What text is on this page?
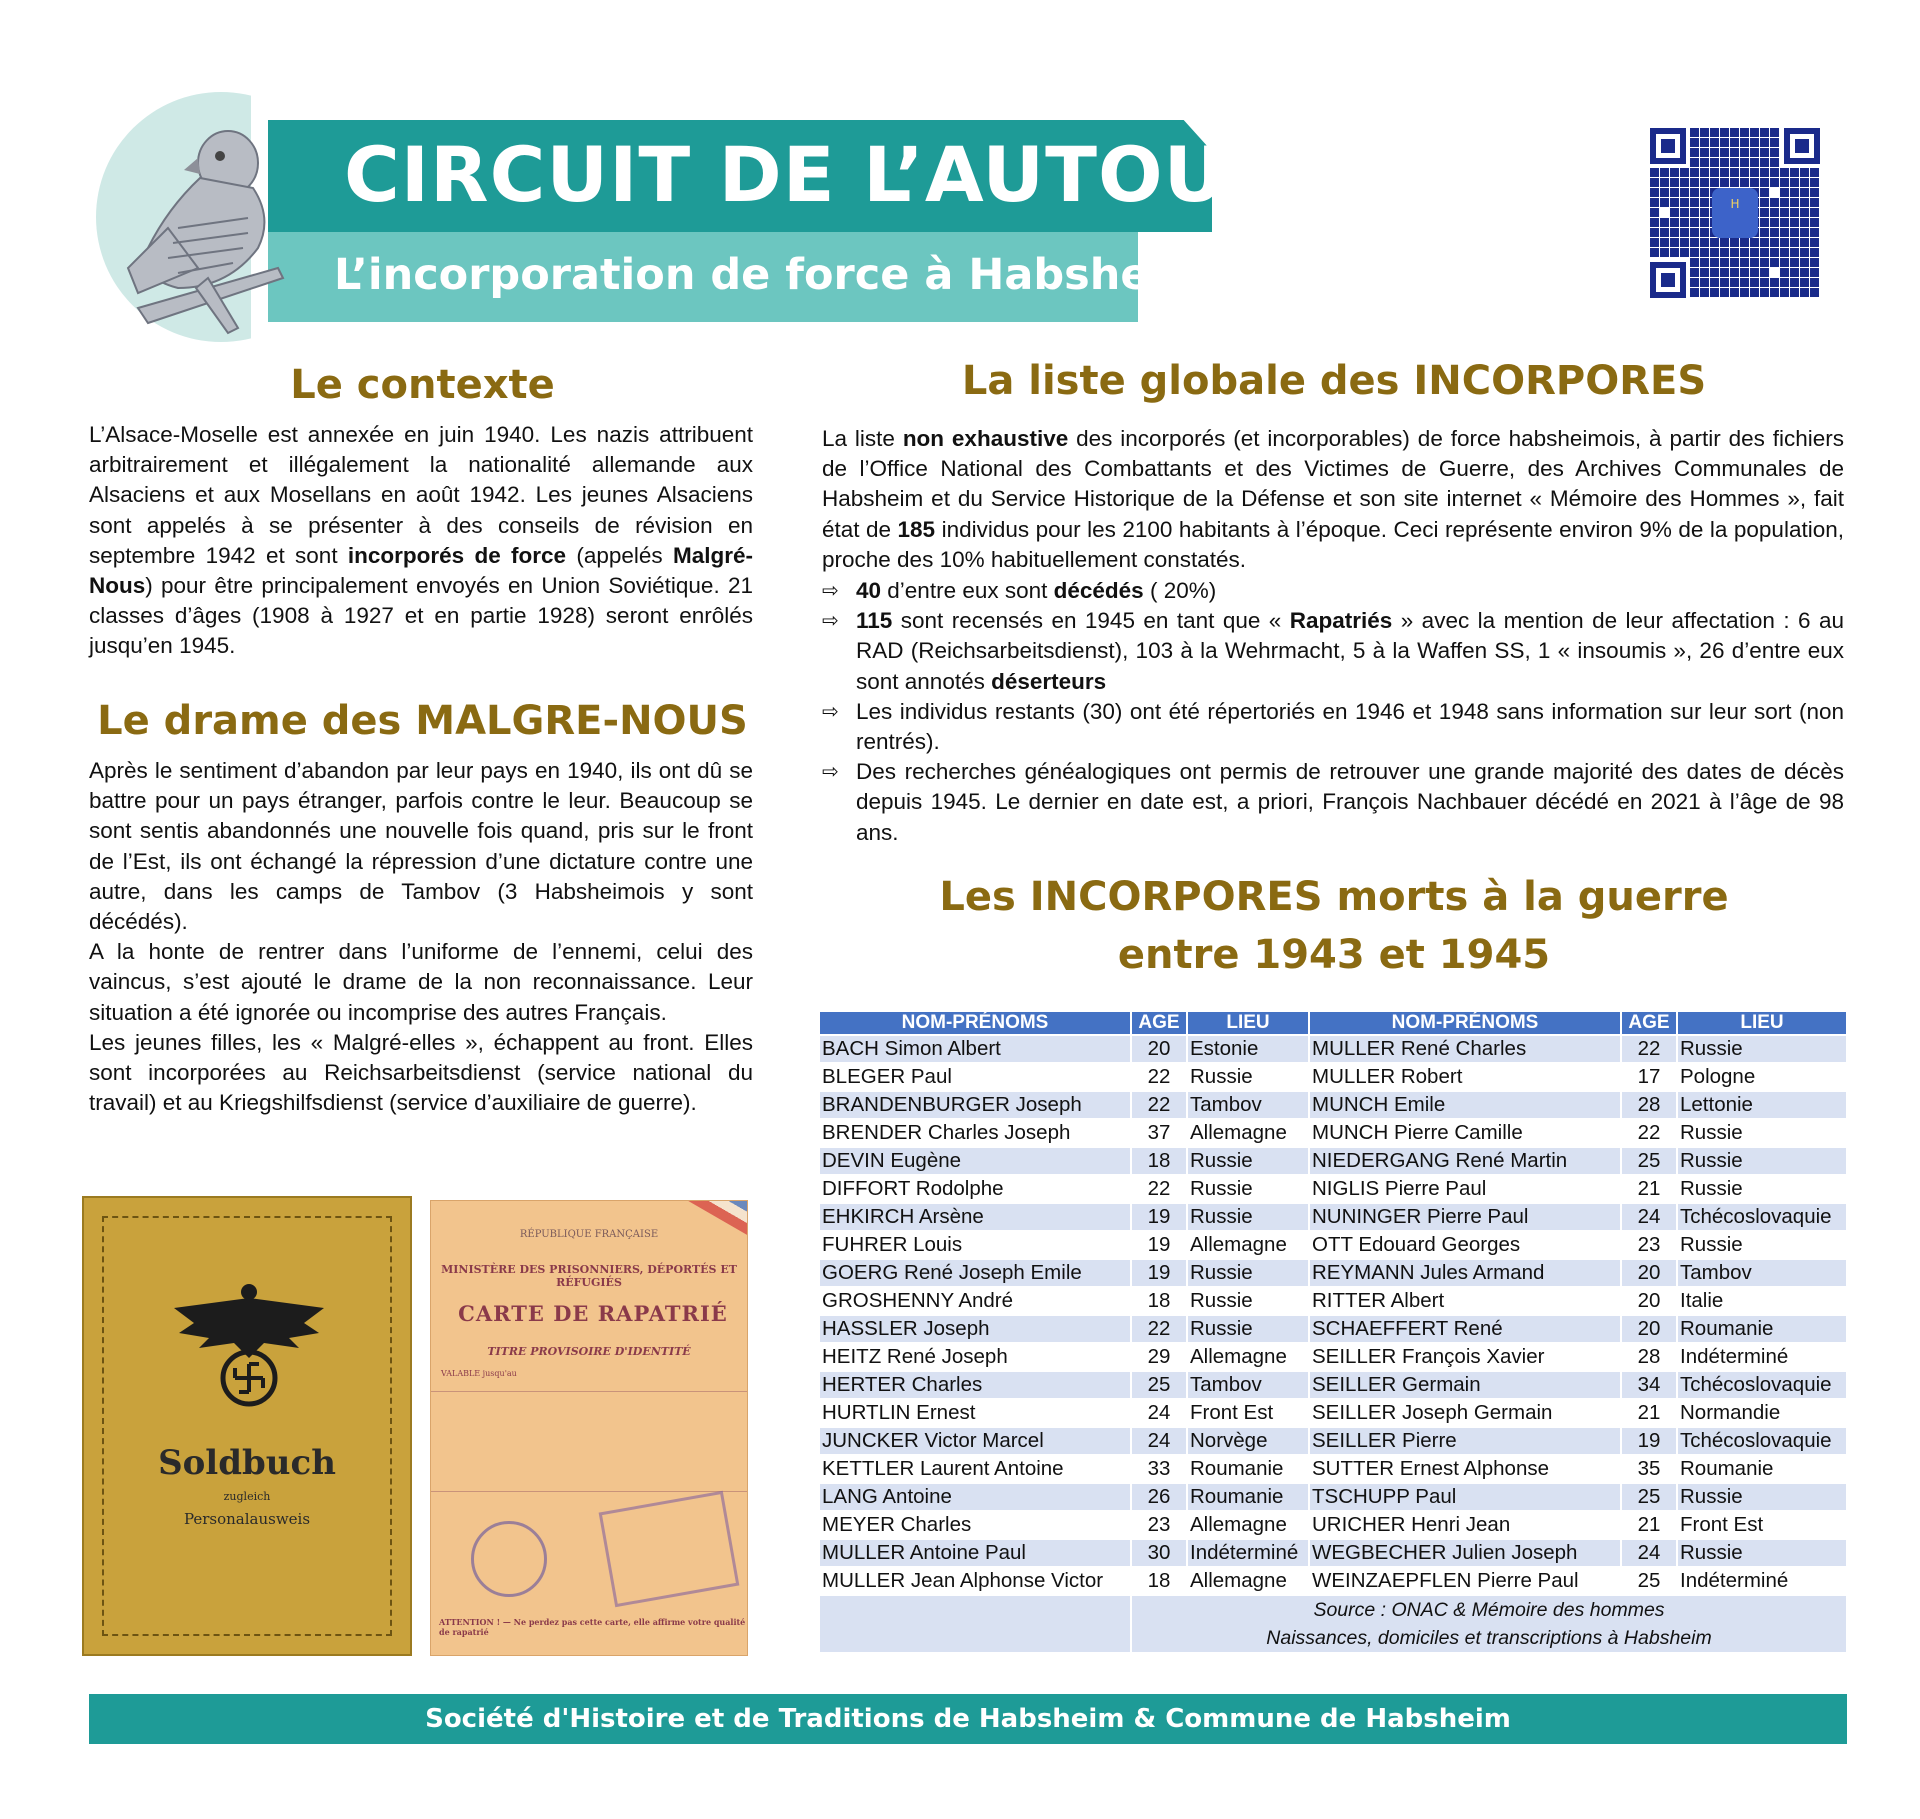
CIRCUIT DE L’AUTOUR
L’incorporation de force à Habsheim
H
Le contexte

L’Alsace-Moselle est annexée en juin 1940. Les nazis attribuent arbitrairement et illégalement la nationalité allemande aux Alsaciens et aux Mosellans en août 1942. Les jeunes Alsaciens sont appelés à se présenter à des conseils de révision en septembre 1942 et sont incorporés de force (appelés Malgré-Nous) pour être principalement envoyés en Union Soviétique. 21 classes d’âges (1908 à 1927 et en partie 1928) seront enrôlés jusqu’en 1945.

Le drame des MALGRE-NOUS

Après le sentiment d’abandon par leur pays en 1940, ils ont dû se battre pour un pays étranger, parfois contre le leur. Beaucoup se sont sentis abandonnés une nouvelle fois quand, pris sur le front de l’Est, ils ont échangé la répression d’une dictature contre une autre, dans les camps de Tambov (3 Habsheimois y sont décédés).

A la honte de rentrer dans l’uniforme de l’ennemi, celui des vaincus, s’est ajouté le drame de la non reconnaissance. Leur situation a été ignorée ou incomprise des autres Français.

Les jeunes filles, les « Malgré-elles », échappent au front. Elles sont incorporées au Reichsarbeitsdienst (service national du travail) et au Kriegshilfsdienst (service d’auxiliaire de guerre).

Soldbuch
zugleich
Personalausweis
RÉPUBLIQUE FRANÇAISE
MINISTÈRE DES PRISONNIERS, DÉPORTÉS ET RÉFUGIÉS
CARTE DE RAPATRIÉ
TITRE PROVISOIRE D'IDENTITÉ
VALABLE jusqu'au
ATTENTION ! — Ne perdez pas cette carte, elle affirme votre qualité de rapatrié
La liste globale des INCORPORES

La liste non exhaustive des incorporés (et incorporables) de force habsheimois, à partir des fichiers de l’Office National des Combattants et des Victimes de Guerre, des Archives Communales de Habsheim et du Service Historique de la Défense et son site internet « Mémoire des Hommes », fait état de 185 individus pour les 2100 habitants à l’époque. Ceci représente environ 9% de la population, proche des 10% habituellement constatés.

⇨ 40 d’entre eux sont décédés ( 20%)
⇨ 115 sont recensés en 1945 en tant que « Rapatriés » avec la mention de leur affectation : 6 au RAD (Reichsarbeitsdienst), 103 à la Wehrmacht, 5 à la Waffen SS, 1 « insoumis », 26 d’entre eux sont annotés déserteurs
⇨ Les individus restants (30) ont été répertoriés en 1946 et 1948 sans information sur leur sort (non rentrés).
⇨ Des recherches généalogiques ont permis de retrouver une grande majorité des dates de décès depuis 1945. Le dernier en date est, a priori, François Nachbauer décédé en 2021 à l’âge de 98 ans.
Les INCORPORES morts à la guerre
entre 1943 et 1945
NOM-PRÉNOMS	AGE	LIEU	NOM-PRÉNOMS	AGE	LIEU
BACH Simon Albert	20	Estonie	MULLER René Charles	22	Russie
BLEGER Paul	22	Russie	MULLER Robert	17	Pologne
BRANDENBURGER Joseph	22	Tambov	MUNCH Emile	28	Lettonie
BRENDER Charles Joseph	37	Allemagne	MUNCH Pierre Camille	22	Russie
DEVIN Eugène	18	Russie	NIEDERGANG René Martin	25	Russie
DIFFORT Rodolphe	22	Russie	NIGLIS Pierre Paul	21	Russie
EHKIRCH Arsène	19	Russie	NUNINGER Pierre Paul	24	Tchécoslovaquie
FUHRER Louis	19	Allemagne	OTT Edouard Georges	23	Russie
GOERG René Joseph Emile	19	Russie	REYMANN Jules Armand	20	Tambov
GROSHENNY André	18	Russie	RITTER Albert	20	Italie
HASSLER Joseph	22	Russie	SCHAEFFERT René	20	Roumanie
HEITZ René Joseph	29	Allemagne	SEILLER François Xavier	28	Indéterminé
HERTER Charles	25	Tambov	SEILLER Germain	34	Tchécoslovaquie
HURTLIN Ernest	24	Front Est	SEILLER Joseph Germain	21	Normandie
JUNCKER Victor Marcel	24	Norvège	SEILLER Pierre	19	Tchécoslovaquie
KETTLER Laurent Antoine	33	Roumanie	SUTTER Ernest Alphonse	35	Roumanie
LANG Antoine	26	Roumanie	TSCHUPP Paul	25	Russie
MEYER Charles	23	Allemagne	URICHER Henri Jean	21	Front Est
MULLER Antoine Paul	30	Indéterminé	WEGBECHER Julien Joseph	24	Russie
MULLER Jean Alphonse Victor	18	Allemagne	WEINZAEPFLEN Pierre Paul	25	Indéterminé

	Source : ONAC & Mémoire des hommes
Naissances, domiciles et transcriptions à Habsheim				
Société d'Histoire et de Traditions de Habsheim & Commune de Habsheim
